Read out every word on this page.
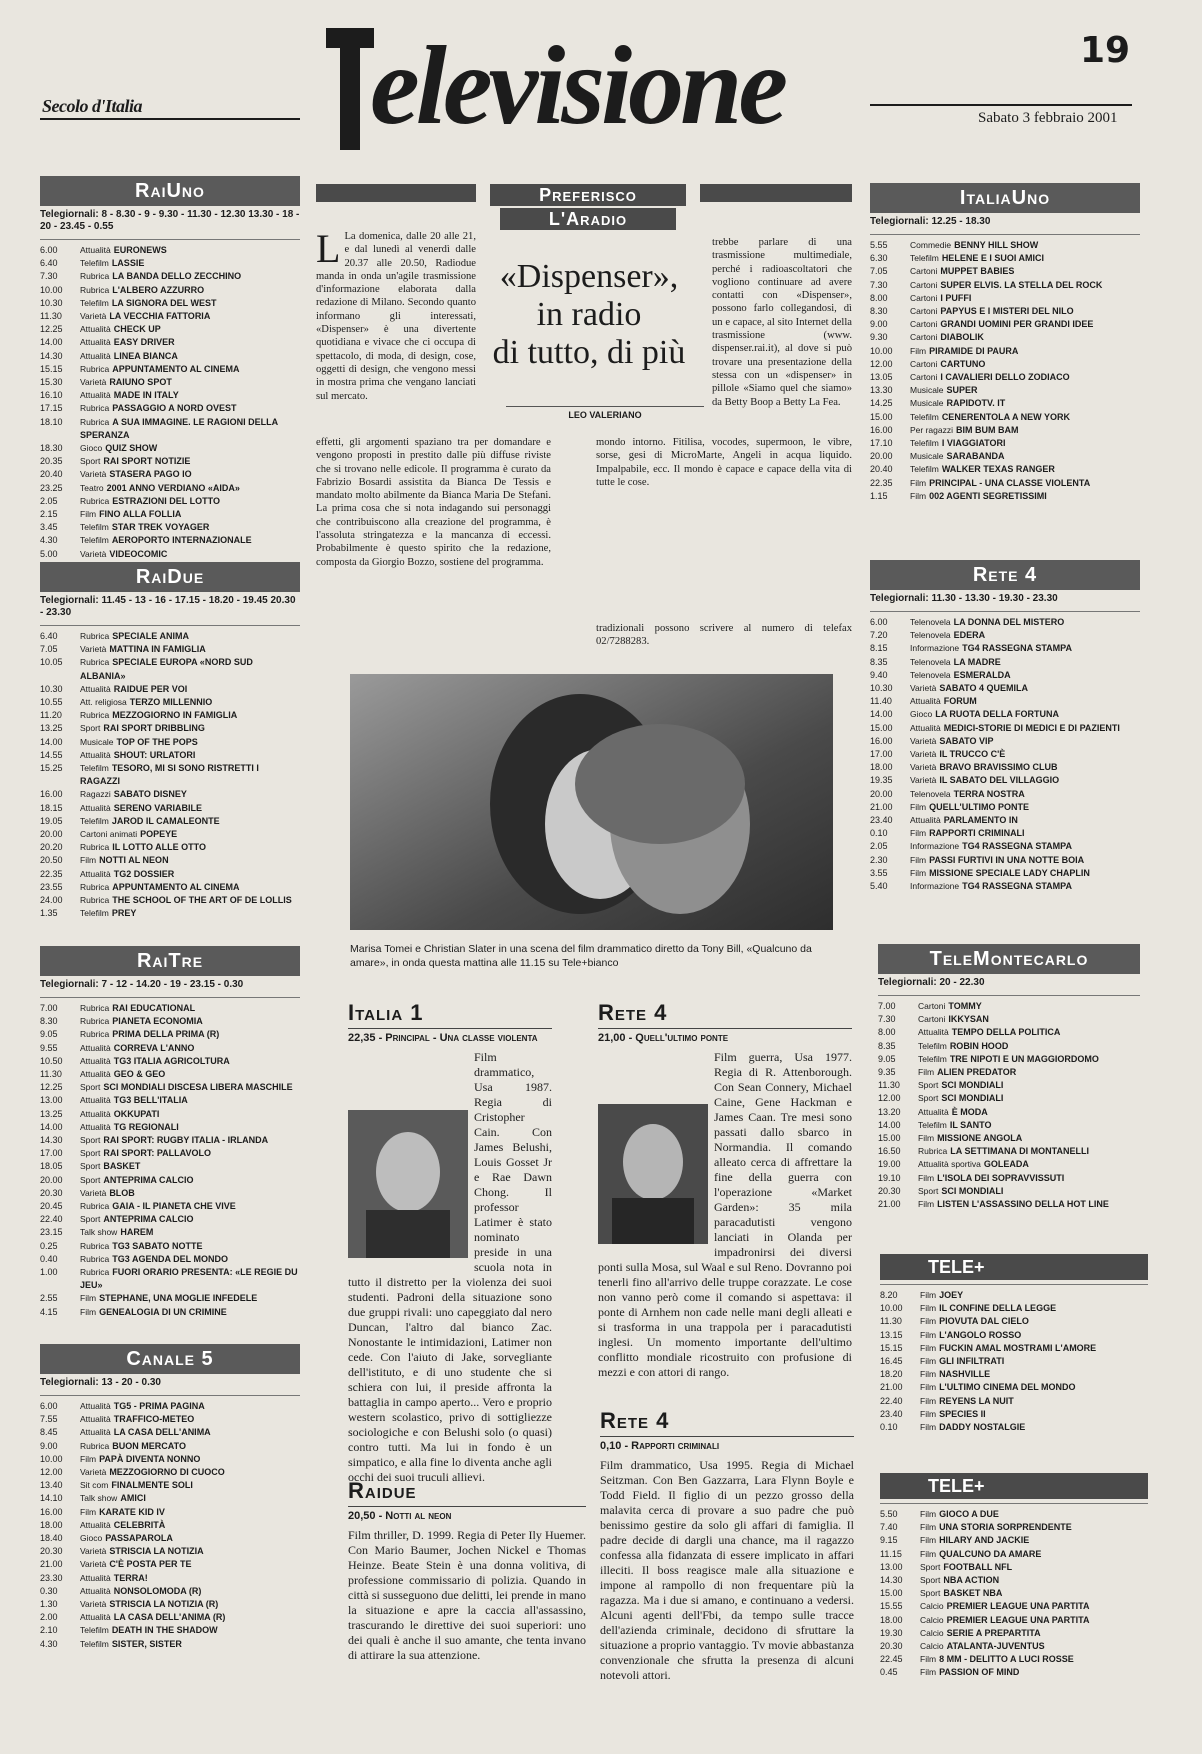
Secolo d'Italia elevisione	19
Sabato 3 febbraio 2001
RaiUno
Telegiornali: 8 - 8.30 - 9 - 9.30 - 11.30 - 12.30 13.30 - 18 - 20 - 23.45 - 0.55
6.00	Attualità EURONEWS
6.40	Telefilm LASSIE
7.30	Rubrica LA BANDA DELLO ZECCHINO
10.00	Rubrica L'ALBERO AZZURRO
10.30	Telefilm LA SIGNORA DEL WEST
11.30	Varietà LA VECCHIA FATTORIA
12.25	Attualità CHECK UP
14.00	Attualità EASY DRIVER
14.30	Attualità LINEA BIANCA
15.15	Rubrica APPUNTAMENTO AL CINEMA
15.30	Varietà RAIUNO SPOT
16.10	Attualità MADE IN ITALY
17.15	Rubrica PASSAGGIO A NORD OVEST
18.10	Rubrica A SUA IMMAGINE. LE RAGIONI DELLA SPERANZA
18.30	Gioco QUIZ SHOW
20.35	Sport RAI SPORT NOTIZIE
20.40	Varietà STASERA PAGO IO
23.25	Teatro 2001 ANNO VERDIANO «AIDA»
2.05	Rubrica ESTRAZIONI DEL LOTTO
2.15	Film FINO ALLA FOLLIA
3.45	Telefilm STAR TREK VOYAGER
4.30	Telefilm AEROPORTO INTERNAZIONALE
5.00	Varietà VIDEOCOMIC
RaiDue
Telegiornali: 11.45 - 13 - 16 - 17.15 - 18.20 - 19.45 20.30 - 23.30
6.40	Rubrica SPECIALE ANIMA
7.05	Varietà MATTINA IN FAMIGLIA
10.05	Rubrica SPECIALE EUROPA «NORD SUD ALBANIA»
10.30	Attualità RAIDUE PER VOI
10.55	Att. religiosa TERZO MILLENNIO
11.20	Rubrica MEZZOGIORNO IN FAMIGLIA
13.25	Sport RAI SPORT DRIBBLING
14.00	Musicale TOP OF THE POPS
14.55	Attualità SHOUT: URLATORI
15.25	Telefilm TESORO, MI SI SONO RISTRETTI I RAGAZZI
16.00	Ragazzi SABATO DISNEY
18.15	Attualità SERENO VARIABILE
19.05	Telefilm JAROD IL CAMALEONTE
20.00	Cartoni animati POPEYE
20.20	Rubrica IL LOTTO ALLE OTTO
20.50	Film NOTTI AL NEON
22.35	Attualità TG2 DOSSIER
23.55	Rubrica APPUNTAMENTO AL CINEMA
24.00	Rubrica THE SCHOOL OF THE ART OF DE LOLLIS
1.35	Telefilm PREY
RaiTre
Telegiornali: 7 - 12 - 14.20 - 19 - 23.15 - 0.30
7.00	Rubrica RAI EDUCATIONAL
8.30	Rubrica PIANETA ECONOMIA
9.05	Rubrica PRIMA DELLA PRIMA (R)
9.55	Attualità CORREVA L'ANNO
10.50	Attualità TG3 ITALIA AGRICOLTURA
11.30	Attualità GEO & GEO
12.25	Sport SCI MONDIALI DISCESA LIBERA MASCHILE
13.00	Attualità TG3 BELL'ITALIA
13.25	Attualità OKKUPATI
14.00	Attualità TG REGIONALI
14.30	Sport RAI SPORT: RUGBY ITALIA - IRLANDA
17.00	Sport RAI SPORT: PALLAVOLO
18.05	Sport BASKET
20.00	Sport ANTEPRIMA CALCIO
20.30	Varietà BLOB
20.45	Rubrica GAIA - IL PIANETA CHE VIVE
22.40	Sport ANTEPRIMA CALCIO
23.15	Talk show HAREM
0.25	Rubrica TG3 SABATO NOTTE
0.40	Rubrica TG3 AGENDA DEL MONDO
1.00	Rubrica FUORI ORARIO PRESENTA: «LE REGIE DU JEU»
2.55	Film STEPHANE, UNA MOGLIE INFEDELE
4.15	Film GENEALOGIA DI UN CRIMINE
Canale 5
Telegiornali: 13 - 20 - 0.30
6.00	Attualità TG5 - PRIMA PAGINA
7.55	Attualità TRAFFICO-METEO
8.45	Attualità LA CASA DELL'ANIMA
9.00	Rubrica BUON MERCATO
10.00	Film PAPÀ DIVENTA NONNO
12.00	Varietà MEZZOGIORNO DI CUOCO
13.40	Sit com FINALMENTE SOLI
14.10	Talk show AMICI
16.00	Film KARATE KID IV
18.00	Attualità CELEBRITÀ
18.40	Gioco PASSAPAROLA
20.30	Varietà STRISCIA LA NOTIZIA
21.00	Varietà C'È POSTA PER TE
23.30	Attualità TERRA!
0.30	Attualità NONSOLOMODA (R)
1.30	Varietà STRISCIA LA NOTIZIA (R)
2.00	Attualità LA CASA DELL'ANIMA (R)
2.10	Telefilm DEATH IN THE SHADOW
4.30	Telefilm SISTER, SISTER
ItaliaUno
Telegiornali: 12.25 - 18.30
5.55	Commedie BENNY HILL SHOW
6.30	Telefilm HELENE E I SUOI AMICI
7.05	Cartoni MUPPET BABIES
7.30	Cartoni SUPER ELVIS. LA STELLA DEL ROCK
8.00	Cartoni I PUFFI
8.30	Cartoni PAPYUS E I MISTERI DEL NILO
9.00	Cartoni GRANDI UOMINI PER GRANDI IDEE
9.30	Cartoni DIABOLIK
10.00	Film PIRAMIDE DI PAURA
12.00	Cartoni CARTUNO
13.05	Cartoni I CAVALIERI DELLO ZODIACO
13.30	Musicale SUPER
14.25	Musicale RAPIDOTV. IT
15.00	Telefilm CENERENTOLA A NEW YORK
16.00	Per ragazzi BIM BUM BAM
17.10	Telefilm I VIAGGIATORI
20.00	Musicale SARABANDA
20.40	Telefilm WALKER TEXAS RANGER
22.35	Film PRINCIPAL - UNA CLASSE VIOLENTA
1.15	Film 002 AGENTI SEGRETISSIMI
Rete 4
Telegiornali: 11.30 - 13.30 - 19.30 - 23.30
6.00	Telenovela LA DONNA DEL MISTERO
7.20	Telenovela EDERA
8.15	Informazione TG4 RASSEGNA STAMPA
8.35	Telenovela LA MADRE
9.40	Telenovela ESMERALDA
10.30	Varietà SABATO 4 QUEMILA
11.40	Attualità FORUM
14.00	Gioco LA RUOTA DELLA FORTUNA
15.00	Attualità MEDICI-STORIE DI MEDICI E DI PAZIENTI
16.00	Varietà SABATO VIP
17.00	Varietà IL TRUCCO C'È
18.00	Varietà BRAVO BRAVISSIMO CLUB
19.35	Varietà IL SABATO DEL VILLAGGIO
20.00	Telenovela TERRA NOSTRA
21.00	Film QUELL'ULTIMO PONTE
23.40	Attualità PARLAMENTO IN
0.10	Film RAPPORTI CRIMINALI
2.05	Informazione TG4 RASSEGNA STAMPA
2.30	Film PASSI FURTIVI IN UNA NOTTE BOIA
3.55	Film MISSIONE SPECIALE LADY CHAPLIN
5.40	Informazione TG4 RASSEGNA STAMPA
TeleMontecarlo
Telegiornali: 20 - 22.30
7.00	Cartoni TOMMY
7.30	Cartoni IKKYSAN
8.00	Attualità TEMPO DELLA POLITICA
8.35	Telefilm ROBIN HOOD
9.05	Telefilm TRE NIPOTI E UN MAGGIORDOMO
9.35	Film ALIEN PREDATOR
11.30	Sport SCI MONDIALI
12.00	Sport SCI MONDIALI
13.20	Attualità È MODA
14.00	Telefilm IL SANTO
15.00	Film MISSIONE ANGOLA
16.50	Rubrica LA SETTIMANA DI MONTANELLI
19.00	Attualità sportiva GOLEADA
19.10	Film L'ISOLA DEI SOPRAVVISSUTI
20.30	Sport SCI MONDIALI
21.00	Film LISTEN L'ASSASSINO DELLA HOT LINE
TELE+
8.20	Film JOEY
10.00	Film IL CONFINE DELLA LEGGE
11.30	Film PIOVUTA DAL CIELO
13.15	Film L'ANGOLO ROSSO
15.15	Film FUCKIN AMAL MOSTRAMI L'AMORE
16.45	Film GLI INFILTRATI
18.20	Film NASHVILLE
21.00	Film L'ULTIMO CINEMA DEL MONDO
22.40	Film REYENS LA NUIT
23.40	Film SPECIES II
0.10	Film DADDY NOSTALGIE
TELE+
5.50	Film GIOCO A DUE
7.40	Film UNA STORIA SORPRENDENTE
9.15	Film HILARY AND JACKIE
11.15	Film QUALCUNO DA AMARE
13.00	Sport FOOTBALL NFL
14.30	Sport NBA ACTION
15.00	Sport BASKET NBA
15.55	Calcio PREMIER LEAGUE UNA PARTITA
18.00	Calcio PREMIER LEAGUE UNA PARTITA
19.30	Calcio SERIE A PREPARTITA
20.30	Calcio ATALANTA-JUVENTUS
22.45	Film 8 MM - DELITTO A LUCI ROSSE
0.45	Film PASSION OF MIND
Preferisco
L'Aradio
L La domenica, dalle 20 alle 21, e dal lunedì al venerdì dalle 20.37 alle 20.50, Radiodue manda in onda un'agile trasmissione d'informazione elaborata dalla redazione di Milano. Secondo quanto informano gli interessati, «Dispenser» è una divertente quotidiana e vivace che ci occupa di spettacolo, di moda, di design, cose, oggetti di design, che vengono messi in mostra prima che vengano lanciati sul mercato.
effetti, gli argomenti spaziano tra per domandare e vengono proposti in prestito dalle più diffuse riviste che si trovano nelle edicole. Il programma è curato da Fabrizio Bosardi assistita da Bianca De Tessis e mandato molto abilmente da Bianca Maria De Stefani. La prima cosa che si nota indagando sui personaggi che contribuiscono alla creazione del programma, è l'assoluta stringatezza e la mancanza di eccessi. Probabilmente è questo spirito che la redazione, composta da Giorgio Bozzo, sostiene del programma.
«Dispenser»,
in radio
di tutto, di più
LEO VALERIANO
trebbe parlare di una trasmissione multimediale, perché i radioascoltatori che vogliono continuare ad avere contatti con «Dispenser», possono farlo collegandosi, dì un e capace, al sito Internet della trasmissione (www. dispenser.rai.it), al dove si può trovare una presentazione della stessa con un «dispenser» in pillole «Siamo quel che siamo» da Betty Boop a Betty La Fea.
mondo intorno. Fitilisa, vocodes, supermoon, le vibre, sorse, gesi di MicroMarte, Angeli in acqua liquido. Impalpabile, ecc. Il mondo è capace e capace della vita di tutte le cose.
tradizionali possono scrivere al numero di telefax 02/7288283.
Marisa Tomei e Christian Slater in una scena del film drammatico diretto da Tony Bill, «Qualcuno da amare», in onda questa mattina alle 11.15 su Tele+bianco
Italia 1
22,35 - Principal - Una classe violenta
Film drammatico, Usa 1987. Regia di Cristopher Cain. Con James Belushi, Louis Gosset Jr e Rae Dawn Chong. Il professor Latimer è stato nominato preside in una scuola nota in tutto il distretto per la violenza dei suoi studenti. Padroni della situazione sono due gruppi rivali: uno capeggiato dal nero Duncan, l'altro dal bianco Zac. Nonostante le intimidazioni, Latimer non cede. Con l'aiuto di Jake, sorvegliante dell'istituto, e di uno studente che si schiera con lui, il preside affronta la battaglia in campo aperto... Vero e proprio western scolastico, privo di sottigliezze sociologiche e con Belushi solo (o quasi) contro tutti. Ma lui in fondo è un simpatico, e alla fine lo diventa anche agli occhi dei suoi truculi allievi.
Rete 4
21,00 - Quell'ultimo ponte
Film guerra, Usa 1977. Regia di R. Attenborough. Con Sean Connery, Michael Caine, Gene Hackman e James Caan. Tre mesi sono passati dallo sbarco in Normandia. Il comando alleato cerca di affrettare la fine della guerra con l'operazione «Market Garden»: 35 mila paracadutisti vengono lanciati in Olanda per impadronirsi dei diversi ponti sulla Mosa, sul Waal e sul Reno. Dovranno poi tenerli fino all'arrivo delle truppe corazzate. Le cose non vanno però come il comando si aspettava: il ponte di Arnhem non cade nelle mani degli alleati e si trasforma in una trappola per i paracadutisti inglesi. Un momento importante dell'ultimo conflitto mondiale ricostruito con profusione di mezzi e con attori di rango.
Raidue
20,50 - Notti al neon
Film thriller, D. 1999. Regia di Peter Ily Huemer. Con Mario Baumer, Jochen Nickel e Thomas Heinze. Beate Stein è una donna volitiva, di professione commissario di polizia. Quando in città si susseguono due delitti, lei prende in mano la situazione e apre la caccia all'assassino, trascurando le direttive dei suoi superiori: uno dei quali è anche il suo amante, che tenta invano di attirare la sua attenzione.
Rete 4
0,10 - Rapporti criminali
Film drammatico, Usa 1995. Regia di Michael Seitzman. Con Ben Gazzarra, Lara Flynn Boyle e Todd Field. Il figlio di un pezzo grosso della malavita cerca di provare a suo padre che può benissimo gestire da solo gli affari di famiglia. Il padre decide di dargli una chance, ma il ragazzo confessa alla fidanzata di essere implicato in affari illeciti. Il boss reagisce male alla situazione e impone al rampollo di non frequentare più la ragazza. Ma i due si amano, e continuano a vedersi. Alcuni agenti dell'Fbi, da tempo sulle tracce dell'azienda criminale, decidono di sfruttare la situazione a proprio vantaggio. Tv movie abbastanza convenzionale che sfrutta la presenza di alcuni notevoli attori.
